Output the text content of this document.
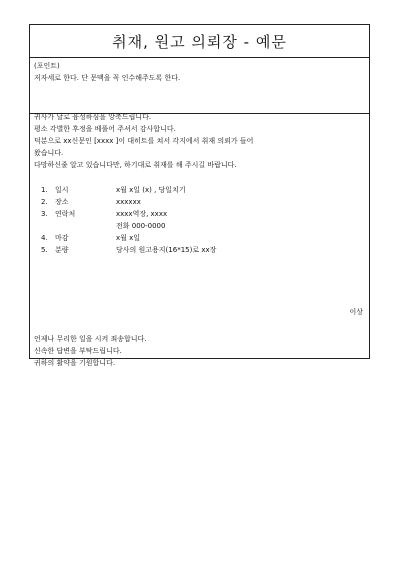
취재, 원고 의뢰장 - 예문
(포인트)
저자세로 한다. 단 문맥을 꼭 인수해주도록 한다.

귀사가 날로 융성하심을 앙축드립니다.

평소 각별한 후정을 베풀어 주셔서 감사합니다.

덕분으로 xx신문인 [xxxx ]이 대히트를 쳐서 각지에서 취재 의뢰가 들어

왔습니다.

다망하신줄 알고 있습니다만, 하기대로 취재를 해 주시길 바랍니다.

1.	일시	x월 x일 (x) , 당일치기
2.	장소	xxxxxx
3.	연락처	xxxx역장, xxxx
전화 000-0000
4.	마감	x월 x일
5.	분량	당사의 원고용지(16*15)로 xx장
이상

언제나 무리한 일을 시켜 죄송합니다.

신속한 답변을 부탁드립니다.

귀하의 활약을 기원합니다.
